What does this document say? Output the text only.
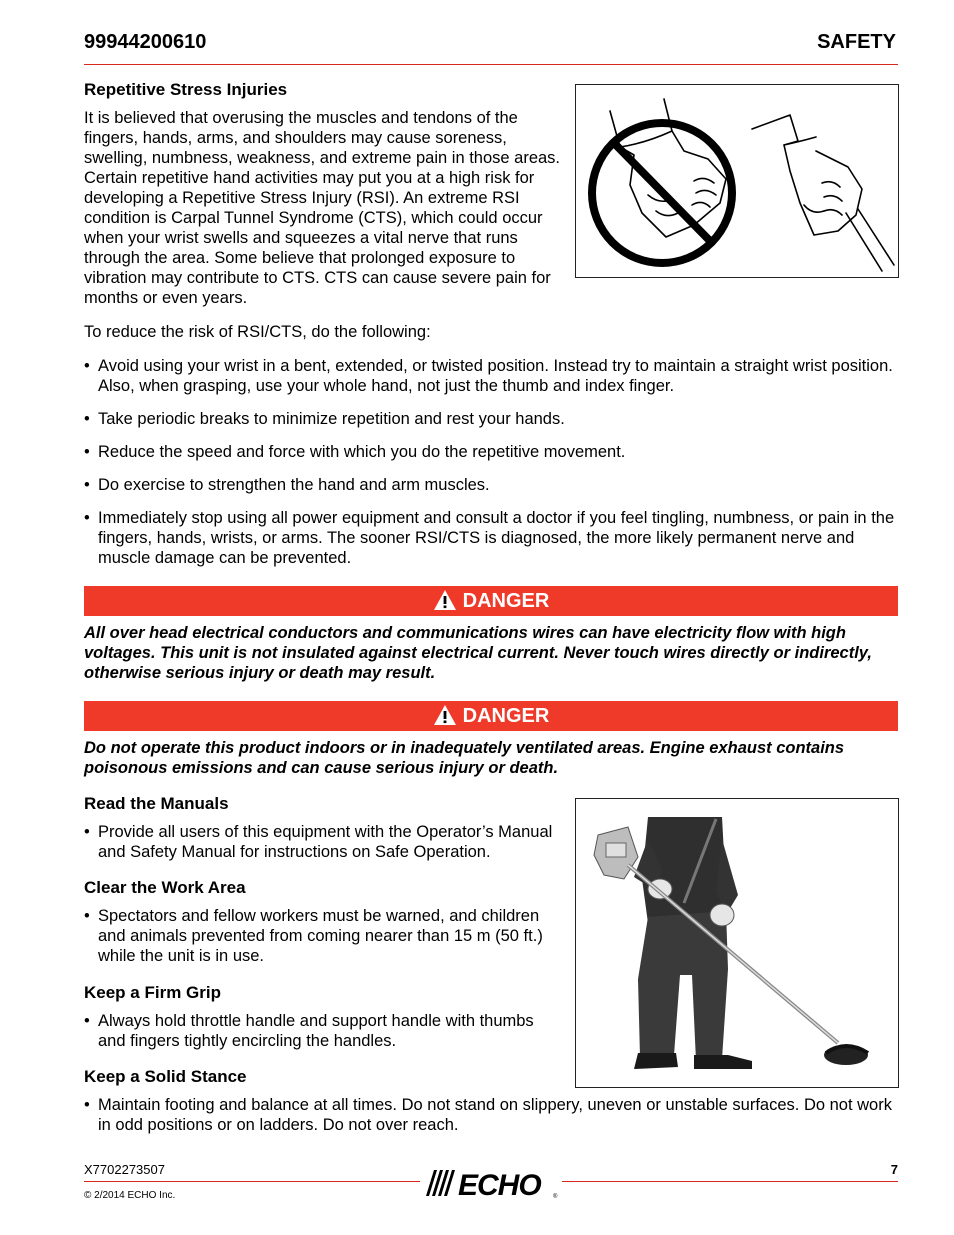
99944200610	SAFETY
Repetitive Stress Injuries

It is believed that overusing the muscles and tendons of the fingers, hands, arms, and shoulders may cause soreness, swelling, numbness, weakness, and extreme pain in those areas. Certain repetitive hand activities may put you at a high risk for developing a Repetitive Stress Injury (RSI). An extreme RSI condition is Carpal Tunnel Syndrome (CTS), which could occur when your wrist swells and squeezes a vital nerve that runs through the area. Some believe that prolonged exposure to vibration may contribute to CTS. CTS can cause severe pain for months or even years.

To reduce the risk of RSI/CTS, do the following:

• Avoid using your wrist in a bent, extended, or twisted position. Instead try to maintain a straight wrist position. Also, when grasping, use your whole hand, not just the thumb and index finger.
• Take periodic breaks to minimize repetition and rest your hands.
• Reduce the speed and force with which you do the repetitive movement.
• Do exercise to strengthen the hand and arm muscles.
• Immediately stop using all power equipment and consult a doctor if you feel tingling, numbness, or pain in the fingers, hands, wrists, or arms. The sooner RSI/CTS is diagnosed, the more likely permanent nerve and muscle damage can be prevented.
DANGER
All over head electrical conductors and communications wires can have electricity flow with high voltages. This unit is not insulated against electrical current. Never touch wires directly or indirectly, otherwise serious injury or death may result.
DANGER
Do not operate this product indoors or in inadequately ventilated areas. Engine exhaust contains poisonous emissions and can cause serious injury or death.
Read the Manuals
• Provide all users of this equipment with the Operator’s Manual and Safety Manual for instructions on Safe Operation.
Clear the Work Area
• Spectators and fellow workers must be warned, and children and animals prevented from coming nearer than 15 m (50 ft.) while the unit is in use.
Keep a Firm Grip
• Always hold throttle handle and support handle with thumbs and fingers tightly encircling the handles.
Keep a Solid Stance
• Maintain footing and balance at all times. Do not stand on slippery, uneven or unstable surfaces. Do not work in odd positions or on ladders. Do not over reach.
X7702273507
© 2/2014 ECHO Inc.	ECHO ®
7
